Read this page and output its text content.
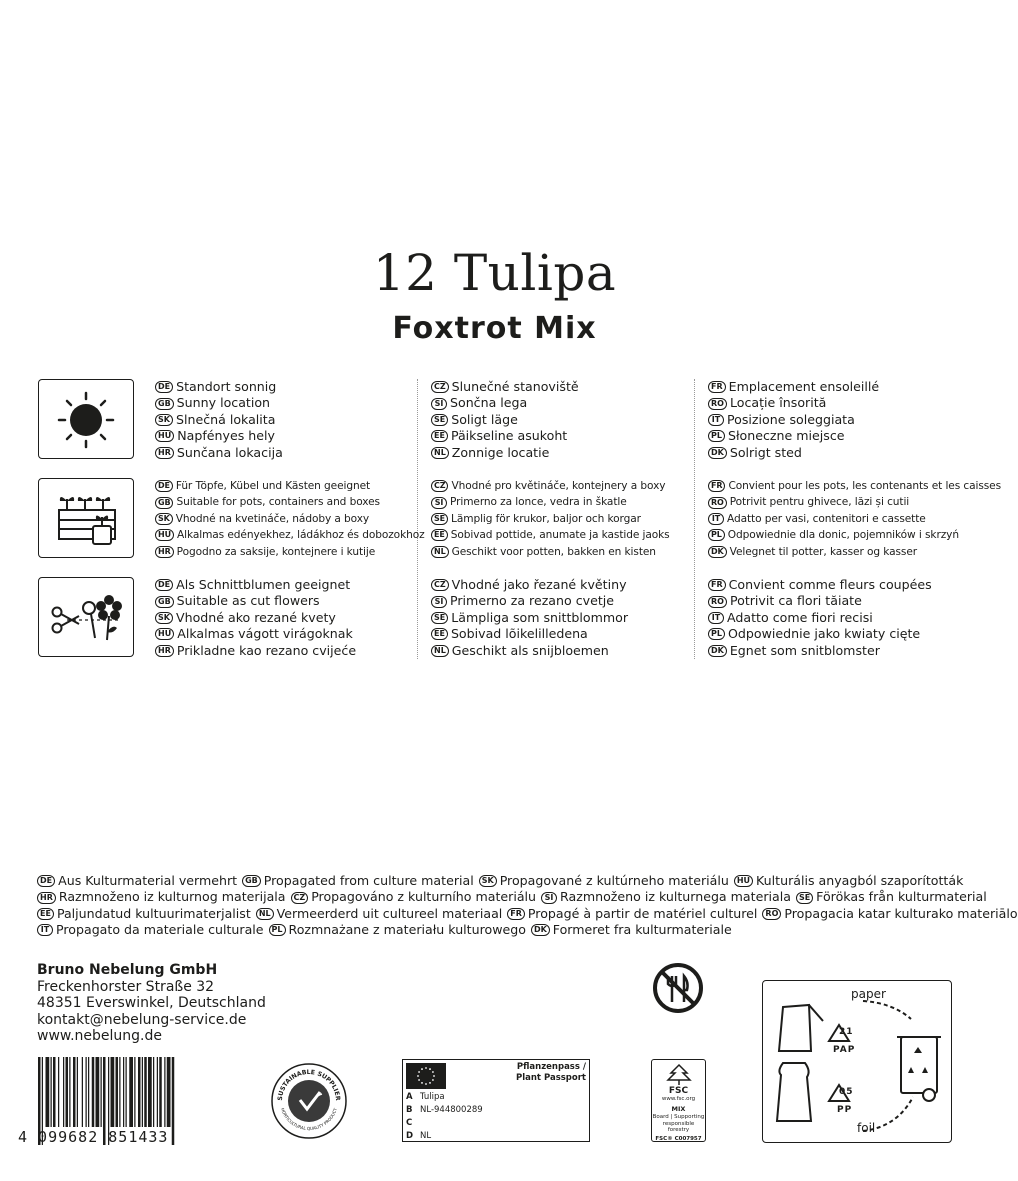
12 Tulipa
Foxtrot Mix
DE Standort sonnig
GB Sunny location
SK Slnečná lokalita
HU Napfényes hely
HR Sunčana lokacija
CZ Slunečné stanoviště
SI Sončna lega
SE Soligt läge
EE Päikseline asukoht
NL Zonnige locatie
FR Emplacement ensoleillé
RO Locație însorită
IT Posizione soleggiata
PL Słoneczne miejsce
DK Solrigt sted
DE Für Töpfe, Kübel und Kästen geeignet
GB Suitable for pots, containers and boxes
SK Vhodné na kvetináče, nádoby a boxy
HU Alkalmas edényekhez, ládákhoz és dobozokhoz
HR Pogodno za saksije, kontejnere i kutije
CZ Vhodné pro květináče, kontejnery a boxy
SI Primerno za lonce, vedra in škatle
SE Lämplig för krukor, baljor och korgar
EE Sobivad pottide, anumate ja kastide jaoks
NL Geschikt voor potten, bakken en kisten
FR Convient pour les pots, les contenants et les caisses
RO Potrivit pentru ghivece, lăzi și cutii
IT Adatto per vasi, contenitori e cassette
PL Odpowiednie dla donic, pojemników i skrzyń
DK Velegnet til potter, kasser og kasser
DE Als Schnittblumen geeignet
GB Suitable as cut flowers
SK Vhodné ako rezané kvety
HU Alkalmas vágott virágoknak
HR Prikladne kao rezano cvijeće
CZ Vhodné jako řezané květiny
SI Primerno za rezano cvetje
SE Lämpliga som snittblommor
EE Sobivad lõikelilledena
NL Geschikt als snijbloemen
FR Convient comme fleurs coupées
RO Potrivit ca flori tăiate
IT Adatto come fiori recisi
PL Odpowiednie jako kwiaty cięte
DK Egnet som snitblomster
DE Aus Kulturmaterial vermehrt	GB Propagated from culture material	SK Propagované z kultúrneho materiálu	HU Kulturális anyagból szaporították
HR Razmnoženo iz kulturnog materijala	CZ Propagováno z kulturního materiálu	SI Razmnoženo iz kulturnega materiala	SE Förökas från kulturmaterial
EE Paljundatud kultuurimaterjalist	NL Vermeerderd uit cultureel materiaal	FR Propagé à partir de matériel culturel	RO Propagacia katar kulturako materiālo
IT Propagato da materiale culturale	PL Rozmnażane z materiału kulturowego	DK Formeret fra kulturmateriale
Bruno Nebelung GmbH
Freckenhorster Straße 32
48351 Everswinkel, Deutschland
kontakt@nebelung-service.de
www.nebelung.de
4 099682 851433
SUSTAINABLE SUPPLIER
HORTICULTURAL QUALITY PRODUCT
Pflanzenpass /
Plant Passport
A Tulipa
B NL-944800289
C
D NL
FSC
www.fsc.org
MIX
Board | Supporting responsible forestry
FSC® C007957
paper
foil
21
PAP
05
PP
